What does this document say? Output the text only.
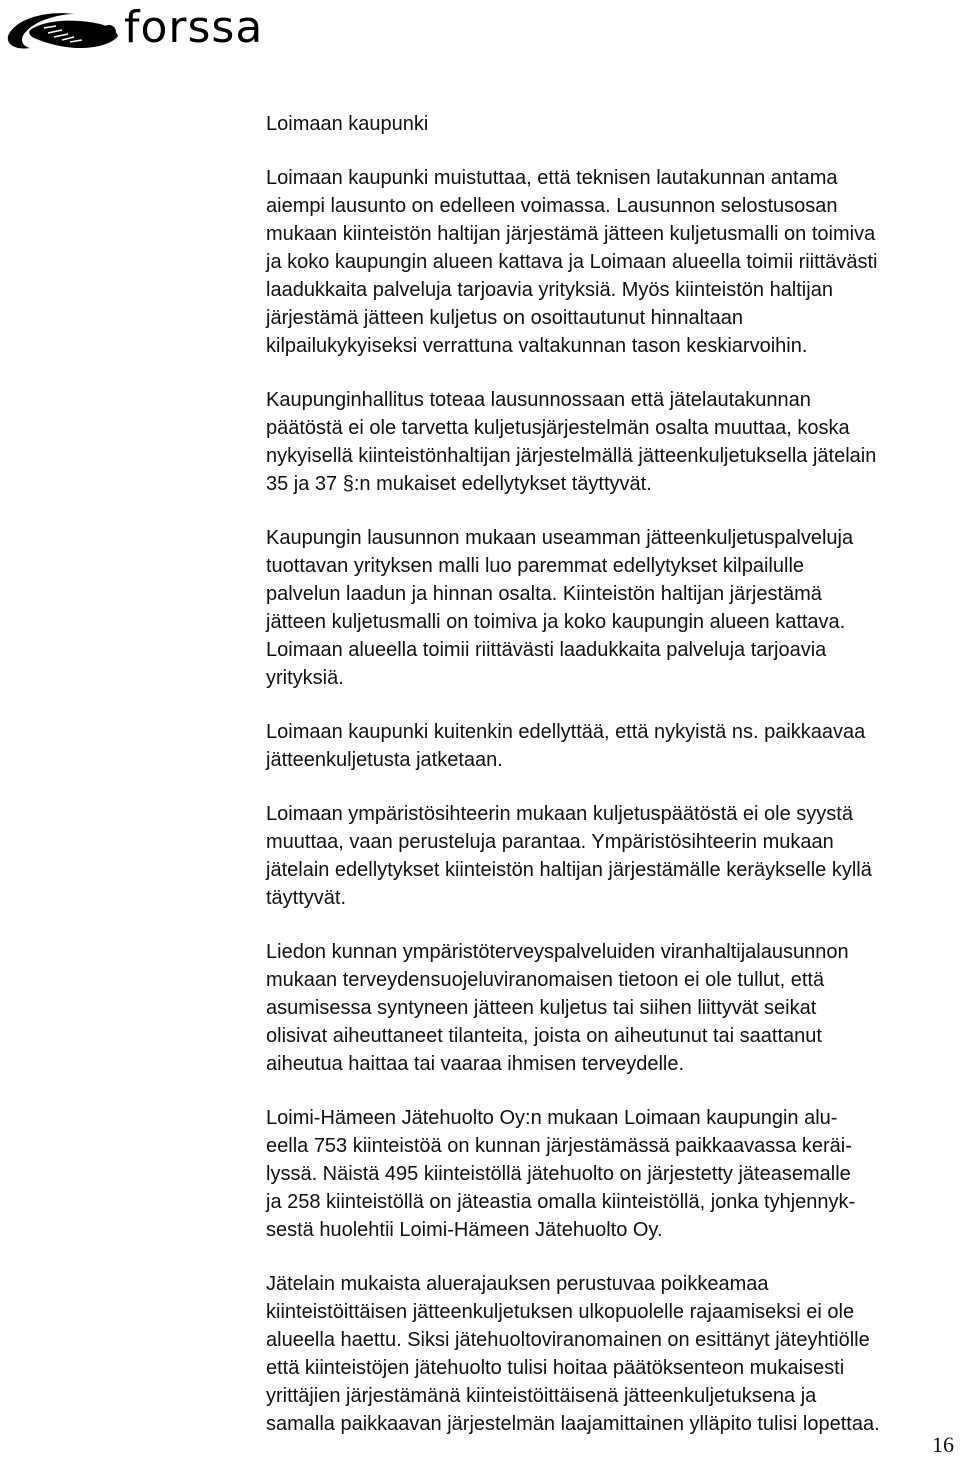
forssa
Loimaan kaupunki

Loimaan kaupunki muistuttaa, että teknisen lautakunnan antama
aiempi lausunto on edelleen voimassa. Lausunnon selostusosan
mukaan kiinteistön haltijan järjestämä jätteen kuljetusmalli on toimiva
ja koko kaupungin alueen kattava ja Loimaan alueella toimii riittävästi
laadukkaita palveluja tarjoavia yrityksiä. Myös kiinteistön haltijan
järjestämä jätteen kuljetus on osoittautunut hinnaltaan
kilpailukykyiseksi verrattuna valtakunnan tason keskiarvoihin.

Kaupunginhallitus toteaa lausunnossaan että jätelautakunnan
päätöstä ei ole tarvetta kuljetusjärjestelmän osalta muuttaa, koska
nykyisellä kiinteistönhaltijan järjestelmällä jätteenkuljetuksella jätelain
35 ja 37 §:n mukaiset edellytykset täyttyvät.

Kaupungin lausunnon mukaan useamman jätteenkuljetuspalveluja
tuottavan yrityksen malli luo paremmat edellytykset kilpailulle
palvelun laadun ja hinnan osalta. Kiinteistön haltijan järjestämä
jätteen kuljetusmalli on toimiva ja koko kaupungin alueen kattava.
Loimaan alueella toimii riittävästi laadukkaita palveluja tarjoavia
yrityksiä.

Loimaan kaupunki kuitenkin edellyttää, että nykyistä ns. paikkaavaa
jätteenkuljetusta jatketaan.

Loimaan ympäristösihteerin mukaan kuljetuspäätöstä ei ole syystä
muuttaa, vaan perusteluja parantaa. Ympäristösihteerin mukaan
jätelain edellytykset kiinteistön haltijan järjestämälle keräykselle kyllä
täyttyvät.

Liedon kunnan ympäristöterveyspalveluiden viranhaltijalausunnon
mukaan terveydensuojeluviranomaisen tietoon ei ole tullut, että
asumisessa syntyneen jätteen kuljetus tai siihen liittyvät seikat
olisivat aiheuttaneet tilanteita, joista on aiheutunut tai saattanut
aiheutua haittaa tai vaaraa ihmisen terveydelle.

Loimi-Hämeen Jätehuolto Oy:n mukaan Loimaan kaupungin alu-
eella 753 kiinteistöä on kunnan järjestämässä paikkaavassa keräi-
lyssä. Näistä 495 kiinteistöllä jätehuolto on järjestetty jäteasemalle
ja 258 kiinteistöllä on jäteastia omalla kiinteistöllä, jonka tyhjennyk-
sestä huolehtii Loimi-Hämeen Jätehuolto Oy.

Jätelain mukaista aluerajauksen perustuvaa poikkeamaa
kiinteistöittäisen jätteenkuljetuksen ulkopuolelle rajaamiseksi ei ole
alueella haettu. Siksi jätehuoltoviranomainen on esittänyt jäteyhtiölle
että kiinteistöjen jätehuolto tulisi hoitaa päätöksenteon mukaisesti
yrittäjien järjestämänä kiinteistöittäisenä jätteenkuljetuksena ja
samalla paikkaavan järjestelmän laajamittainen ylläpito tulisi lopettaa.

16
